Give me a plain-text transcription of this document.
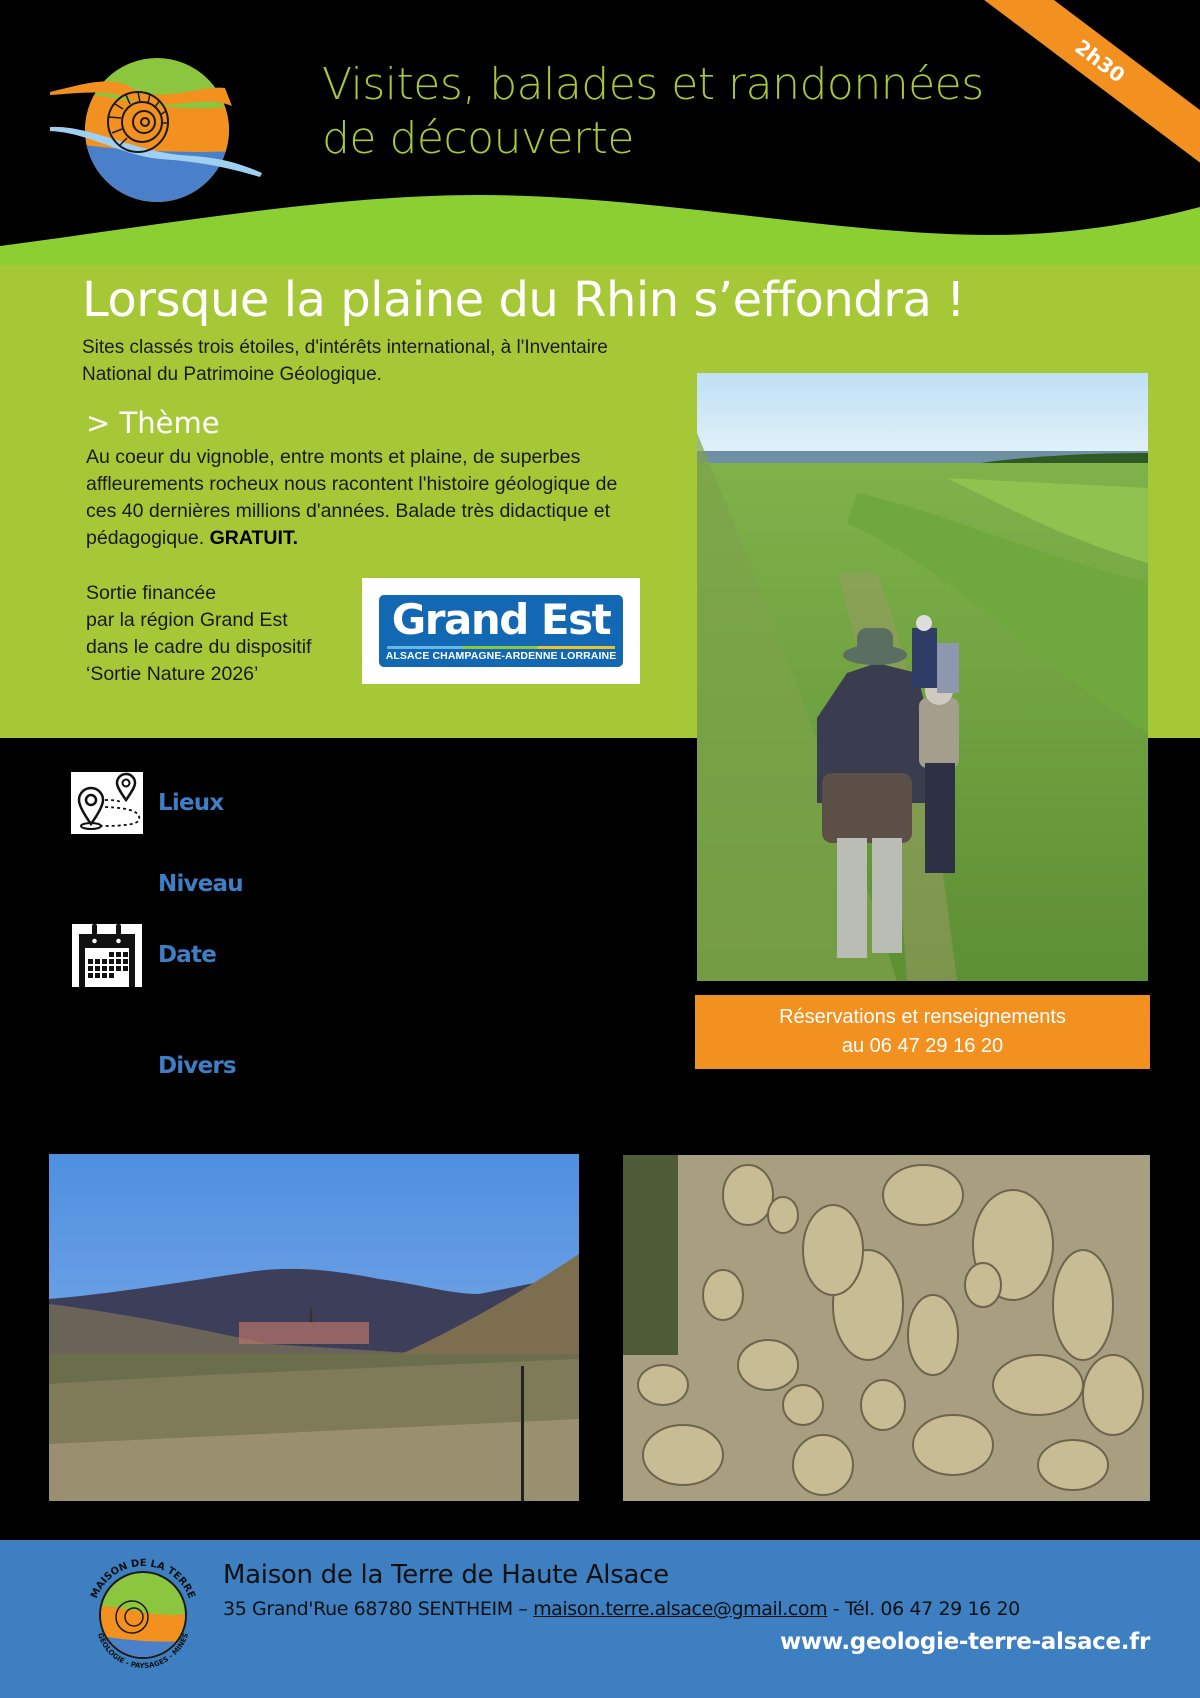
Visites, balades et randonnées
de découverte
2h30
Lorsque la plaine du Rhin s’effondra !
Sites classés trois étoiles, d'intérêts international, à l'Inventaire
National du Patrimoine Géologique.
> Thème
Au coeur du vignoble, entre monts et plaine, de superbes
affleurements rocheux nous racontent l'histoire géologique de
ces 40 dernières millions d'années. Balade très didactique et
pédagogique. GRATUIT.
Sortie financée
par la région Grand Est
dans le cadre du dispositif
‘Sortie Nature 2026’
Grand Est
ALSACE CHAMPAGNE-ARDENNE LORRAINE
Lieux
Niveau
Date
Divers
Réservations et renseignements
au 06 47 29 16 20
MAISON DE LA TERRE
GÉOLOGIE - PAYSAGES - MINES
Maison de la Terre de Haute Alsace
35 Grand'Rue 68780 SENTHEIM – maison.terre.alsace@gmail.com - Tél. 06 47 29 16 20
www.geologie-terre-alsace.fr
